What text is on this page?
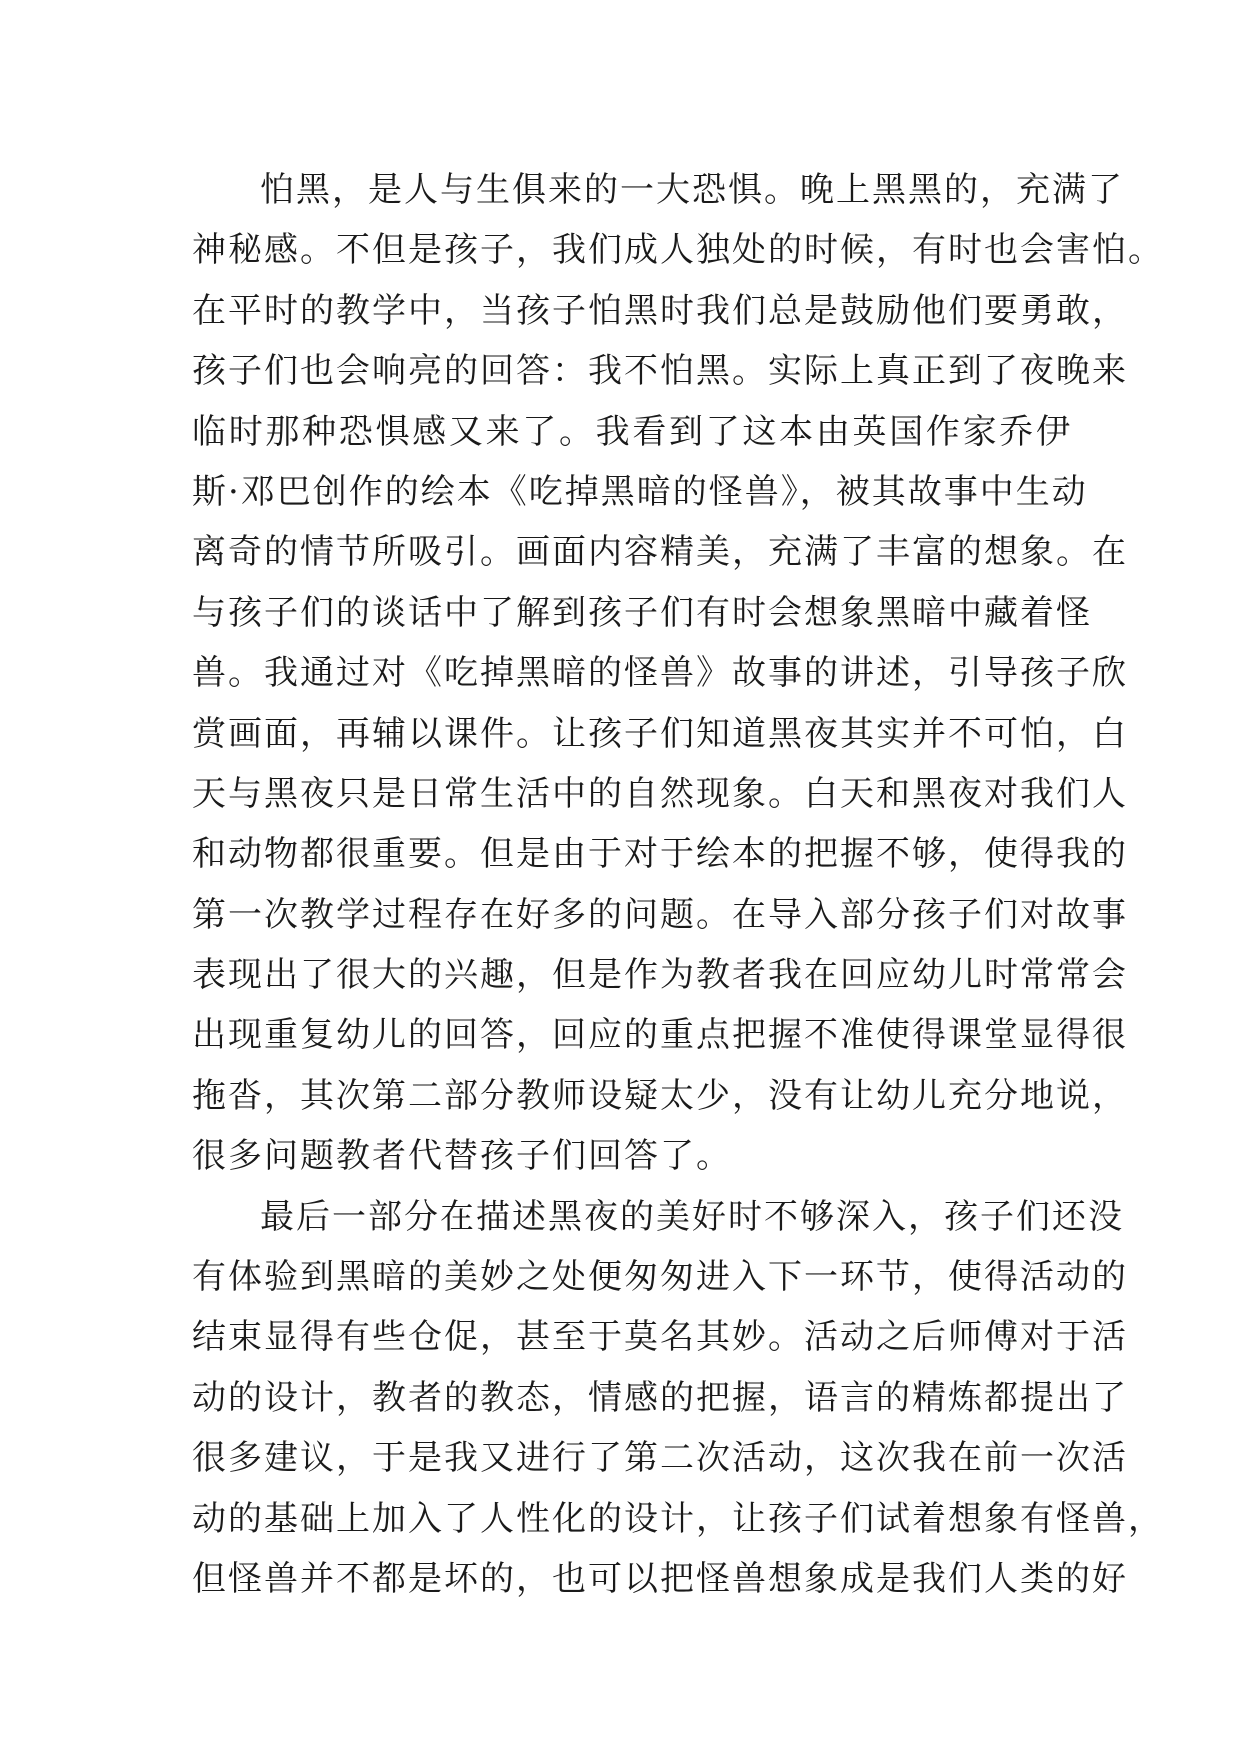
怕黑，是人与生俱来的一大恐惧。晚上黑黑的，充满了
神秘感。不但是孩子，我们成人独处的时候，有时也会害怕。
在平时的教学中，当孩子怕黑时我们总是鼓励他们要勇敢，
孩子们也会响亮的回答：我不怕黑。实际上真正到了夜晚来
临时那种恐惧感又来了。我看到了这本由英国作家乔伊
斯·邓巴创作的绘本《吃掉黑暗的怪兽》，被其故事中生动
离奇的情节所吸引。画面内容精美，充满了丰富的想象。在
与孩子们的谈话中了解到孩子们有时会想象黑暗中藏着怪
兽。我通过对《吃掉黑暗的怪兽》故事的讲述，引导孩子欣
赏画面，再辅以课件。让孩子们知道黑夜其实并不可怕，白
天与黑夜只是日常生活中的自然现象。白天和黑夜对我们人
和动物都很重要。但是由于对于绘本的把握不够，使得我的
第一次教学过程存在好多的问题。在导入部分孩子们对故事
表现出了很大的兴趣，但是作为教者我在回应幼儿时常常会
出现重复幼儿的回答，回应的重点把握不准使得课堂显得很
拖沓，其次第二部分教师设疑太少，没有让幼儿充分地说，
很多问题教者代替孩子们回答了。
最后一部分在描述黑夜的美好时不够深入，孩子们还没
有体验到黑暗的美妙之处便匆匆进入下一环节，使得活动的
结束显得有些仓促，甚至于莫名其妙。活动之后师傅对于活
动的设计，教者的教态，情感的把握，语言的精炼都提出了
很多建议，于是我又进行了第二次活动，这次我在前一次活
动的基础上加入了人性化的设计，让孩子们试着想象有怪兽，
但怪兽并不都是坏的，也可以把怪兽想象成是我们人类的好
